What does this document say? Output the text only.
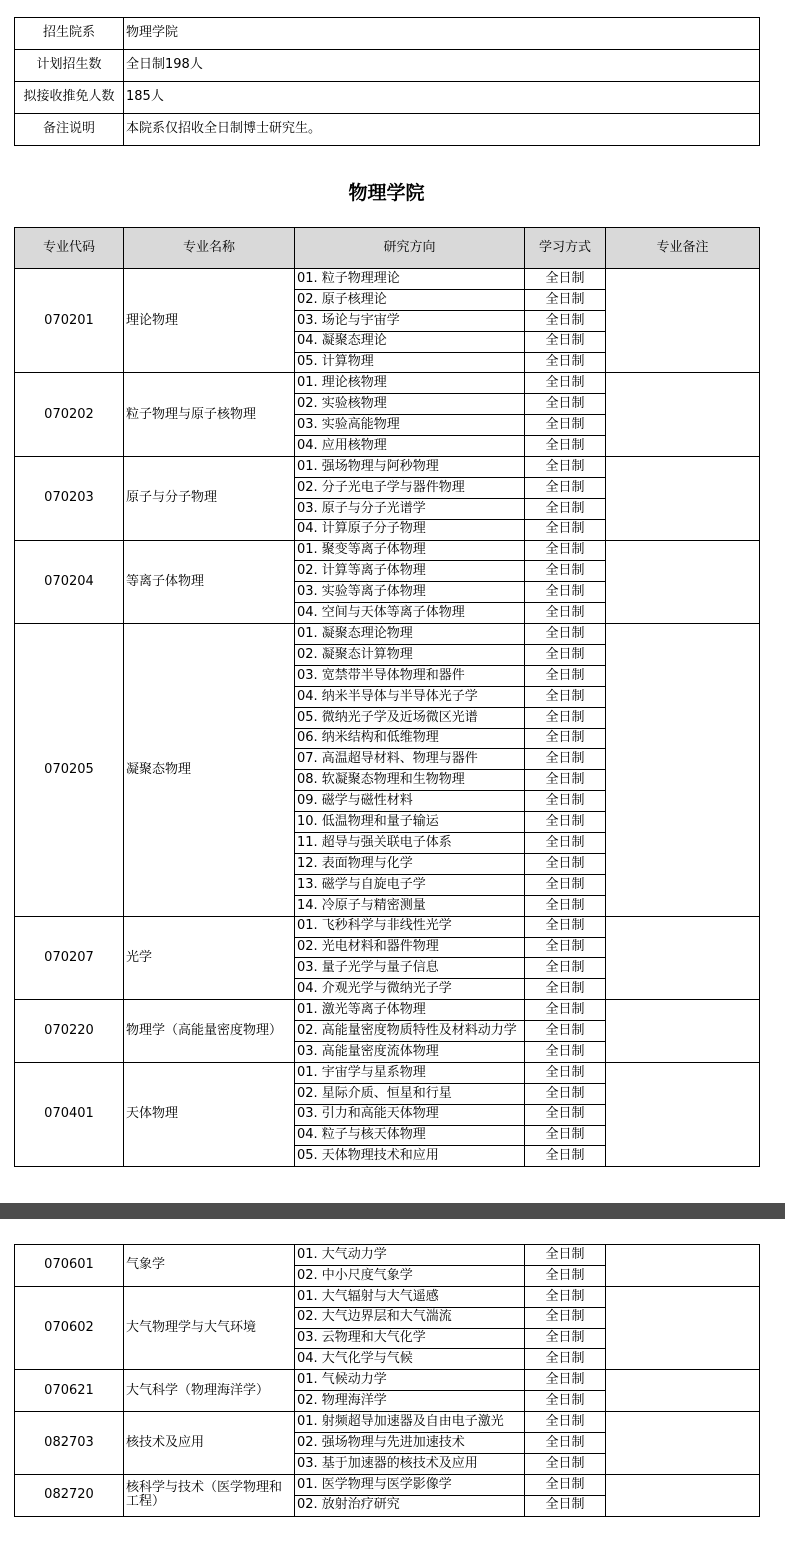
招生院系	物理学院
计划招生数	全日制198人
拟接收推免人数	185人
备注说明	本院系仅招收全日制博士研究生。
物理学院
专业代码	专业名称	研究方向	学习方式	专业备注
070201	理论物理	01. 粒子物理理论	全日制	
		02. 原子核理论	全日制	
		03. 场论与宇宙学	全日制	
		04. 凝聚态理论	全日制	
		05. 计算物理	全日制	
070202	粒子物理与原子核物理	01. 理论核物理	全日制	
		02. 实验核物理	全日制	
		03. 实验高能物理	全日制	
		04. 应用核物理	全日制	
070203	原子与分子物理	01. 强场物理与阿秒物理	全日制	
		02. 分子光电子学与器件物理	全日制	
		03. 原子与分子光谱学	全日制	
		04. 计算原子分子物理	全日制	
070204	等离子体物理	01. 聚变等离子体物理	全日制	
		02. 计算等离子体物理	全日制	
		03. 实验等离子体物理	全日制	
		04. 空间与天体等离子体物理	全日制	
070205	凝聚态物理	01. 凝聚态理论物理	全日制	
		02. 凝聚态计算物理	全日制	
		03. 宽禁带半导体物理和器件	全日制	
		04. 纳米半导体与半导体光子学	全日制	
		05. 微纳光子学及近场微区光谱	全日制	
		06. 纳米结构和低维物理	全日制	
		07. 高温超导材料、物理与器件	全日制	
		08. 软凝聚态物理和生物物理	全日制	
		09. 磁学与磁性材料	全日制	
		10. 低温物理和量子输运	全日制	
		11. 超导与强关联电子体系	全日制	
		12. 表面物理与化学	全日制	
		13. 磁学与自旋电子学	全日制	
		14. 冷原子与精密测量	全日制	
070207	光学	01. 飞秒科学与非线性光学	全日制	
		02. 光电材料和器件物理	全日制	
		03. 量子光学与量子信息	全日制	
		04. 介观光学与微纳光子学	全日制	
070220	物理学（高能量密度物理）	01. 激光等离子体物理	全日制	
		02. 高能量密度物质特性及材料动力学	全日制	
		03. 高能量密度流体物理	全日制	
070401	天体物理	01. 宇宙学与星系物理	全日制	
		02. 星际介质、恒星和行星	全日制	
		03. 引力和高能天体物理	全日制	
		04. 粒子与核天体物理	全日制	
		05. 天体物理技术和应用	全日制	
070601	气象学	01. 大气动力学	全日制	
		02. 中小尺度气象学	全日制	
070602	大气物理学与大气环境	01. 大气辐射与大气遥感	全日制	
		02. 大气边界层和大气湍流	全日制	
		03. 云物理和大气化学	全日制	
		04. 大气化学与气候	全日制	
070621	大气科学（物理海洋学）	01. 气候动力学	全日制	
		02. 物理海洋学	全日制	
082703	核技术及应用	01. 射频超导加速器及自由电子激光	全日制	
		02. 强场物理与先进加速技术	全日制	
		03. 基于加速器的核技术及应用	全日制	
082720	核科学与技术（医学物理和工程）	01. 医学物理与医学影像学	全日制	
		02. 放射治疗研究	全日制	
